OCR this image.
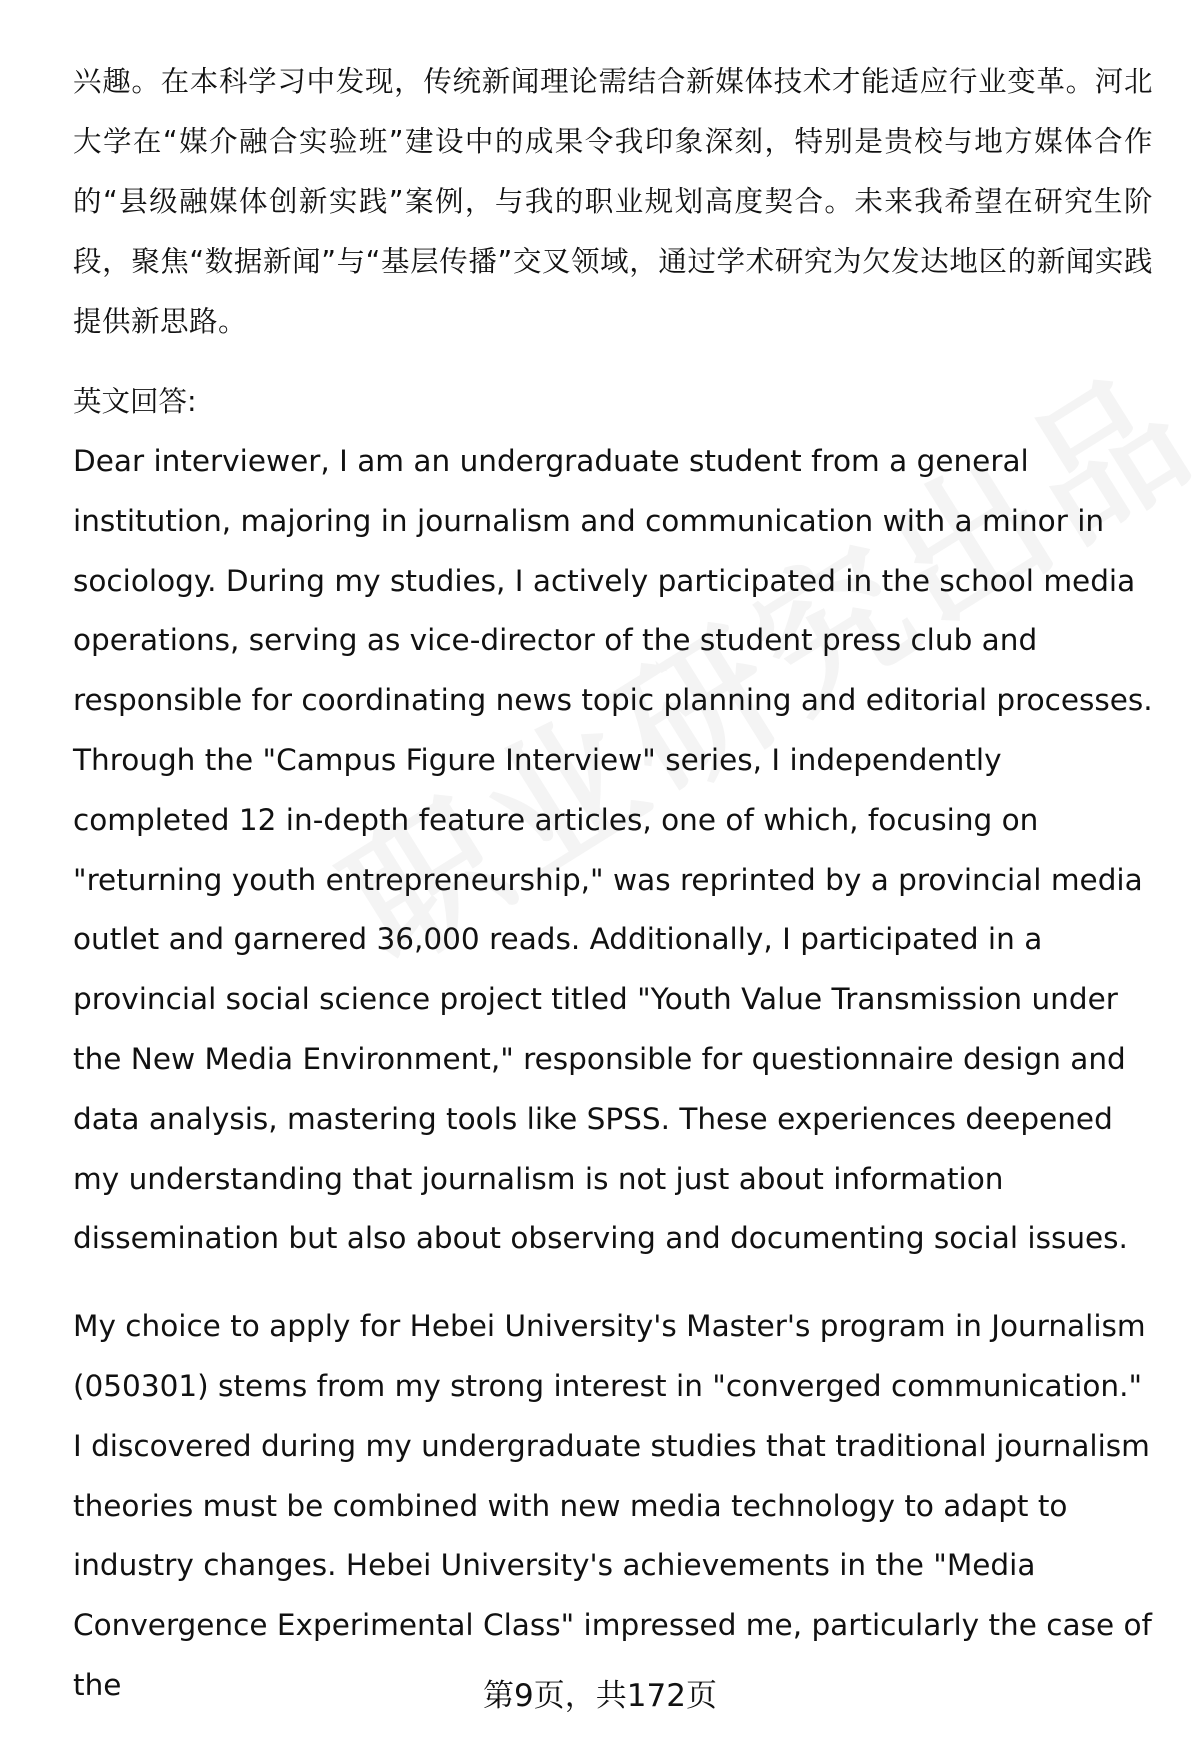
兴趣。在本科学习中发现，传统新闻理论需结合新媒体技术才能适应行业变革。河北大学在“媒介融合实验班”建设中的成果令我印象深刻，特别是贵校与地方媒体合作的“县级融媒体创新实践”案例，与我的职业规划高度契合。未来我希望在研究生阶段，聚焦“数据新闻”与“基层传播”交叉领域，通过学术研究为欠发达地区的新闻实践提供新思路。

英文回答:

Dear interviewer, I am an undergraduate student from a general institution, majoring in journalism and communication with a minor in sociology. During my studies, I actively participated in the school media operations, serving as vice-director of the student press club and responsible for coordinating news topic planning and editorial processes. Through the "Campus Figure Interview" series, I independently completed 12 in-depth feature articles, one of which, focusing on "returning youth entrepreneurship," was reprinted by a provincial media outlet and garnered 36,000 reads. Additionally, I participated in a provincial social science project titled "Youth Value Transmission under the New Media Environment," responsible for questionnaire design and data analysis, mastering tools like SPSS. These experiences deepened my understanding that journalism is not just about information dissemination but also about observing and documenting social issues.

My choice to apply for Hebei University's Master's program in Journalism (050301) stems from my strong interest in "converged communication." I discovered during my undergraduate studies that traditional journalism theories must be combined with new media technology to adapt to industry changes. Hebei University's achievements in the "Media Convergence Experimental Class" impressed me, particularly the case of the	第9页，共172页
